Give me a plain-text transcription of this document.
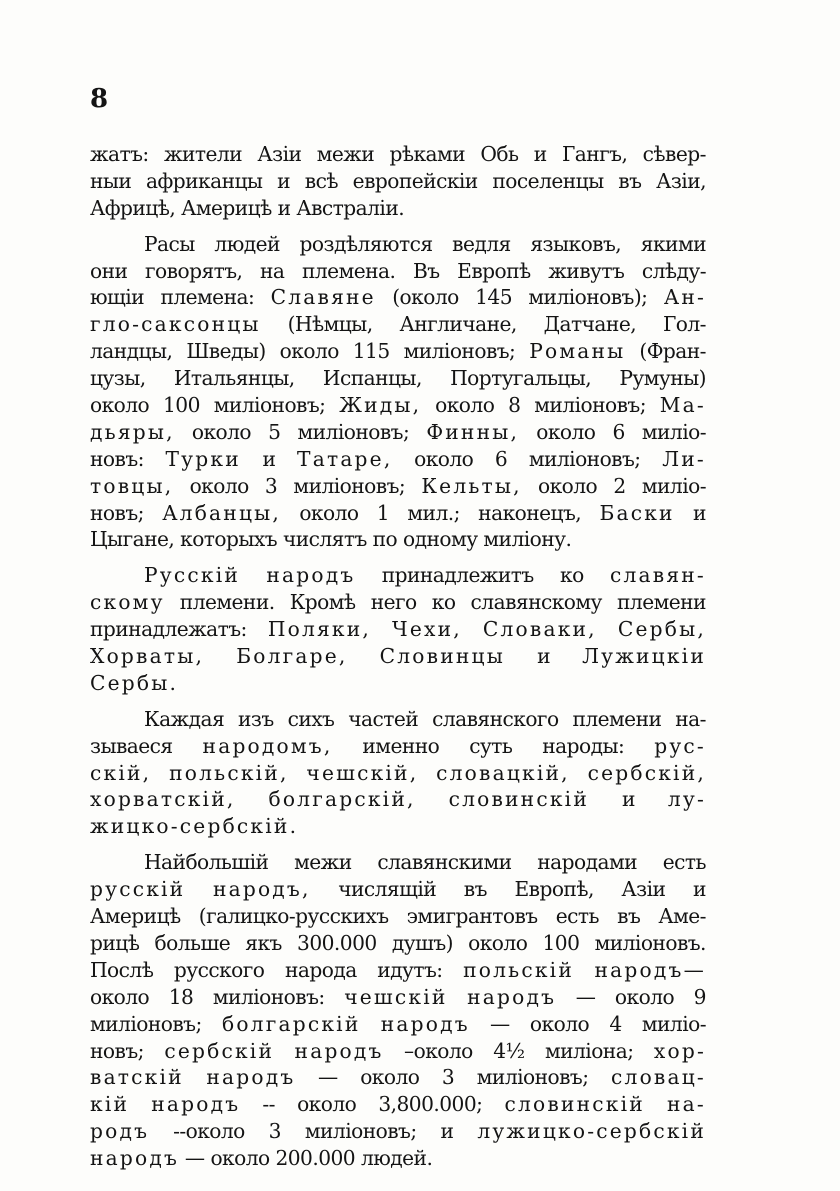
8
жатъ: жители Азіи межи рѣками Обь и Гангъ, сѣвер-
ныи африканцы и всѣ европейскіи поселенцы въ Азіи,
Африцѣ,
Америцѣ
и
Австраліи.
Расы людей роздѣляются ведля языковъ, якими
они говорятъ, на племена. Въ Европѣ живутъ слѣду-
ющіи племена: Славяне (около 145 миліоновъ); Ан-
гло-саксонцы (Нѣмцы, Англичане, Датчане, Гол-
ландцы, Шведы) около 115 миліоновъ; Романы (Фран-
цузы, Итальянцы, Испанцы, Португальцы, Румуны)
около 100 миліоновъ; Жиды, около 8 миліоновъ; Ма-
дьяры, около 5 миліоновъ; Финны, около 6 миліо-
новъ: Турки и Татаре, около 6 миліоновъ; Ли-
товцы, около 3 миліоновъ; Кельты, около 2 миліо-
новъ; Албанцы, около 1 мил.; наконецъ, Баски и
Цыгане,
которыхъ
числятъ
по
одному
миліону.
Русскій народъ принадлежитъ ко славян-
скому племени. Кромѣ него ко славянскому племени
принадлежатъ: Поляки, Чехи, Словаки, Сербы,
Хорваты, Болгаре, Словинцы и Лужицкіи
Сербы.
Каждая изъ сихъ частей славянского племени на-
зываеся народомъ, именно суть народы: рус-
скій, польскій, чешскій, словацкій, сербскій,
хорватскій, болгарскій, словинскій и лу-
жицко-сербскій.
Найбольшій межи славянскими народами есть
русскій народъ, числящій въ Европѣ, Азіи и
Америцѣ (галицко-русскихъ эмигрантовъ есть въ Аме-
рицѣ больше якъ 300.000 душъ) около 100 миліоновъ.
Послѣ русского народа идутъ: польскій народъ—
около 18 миліоновъ: чешскій народъ — около 9
миліоновъ; болгарскій народъ — около 4 миліо-
новъ; сербскій народъ –около 4½ миліона; хор-
ватскій народъ — около 3 миліоновъ; словац-
кій народъ -- около 3,800.000; словинскій на-
родъ --около 3 миліоновъ; и лужицко-сербскій
народъ
—
около
200.000
людей.
